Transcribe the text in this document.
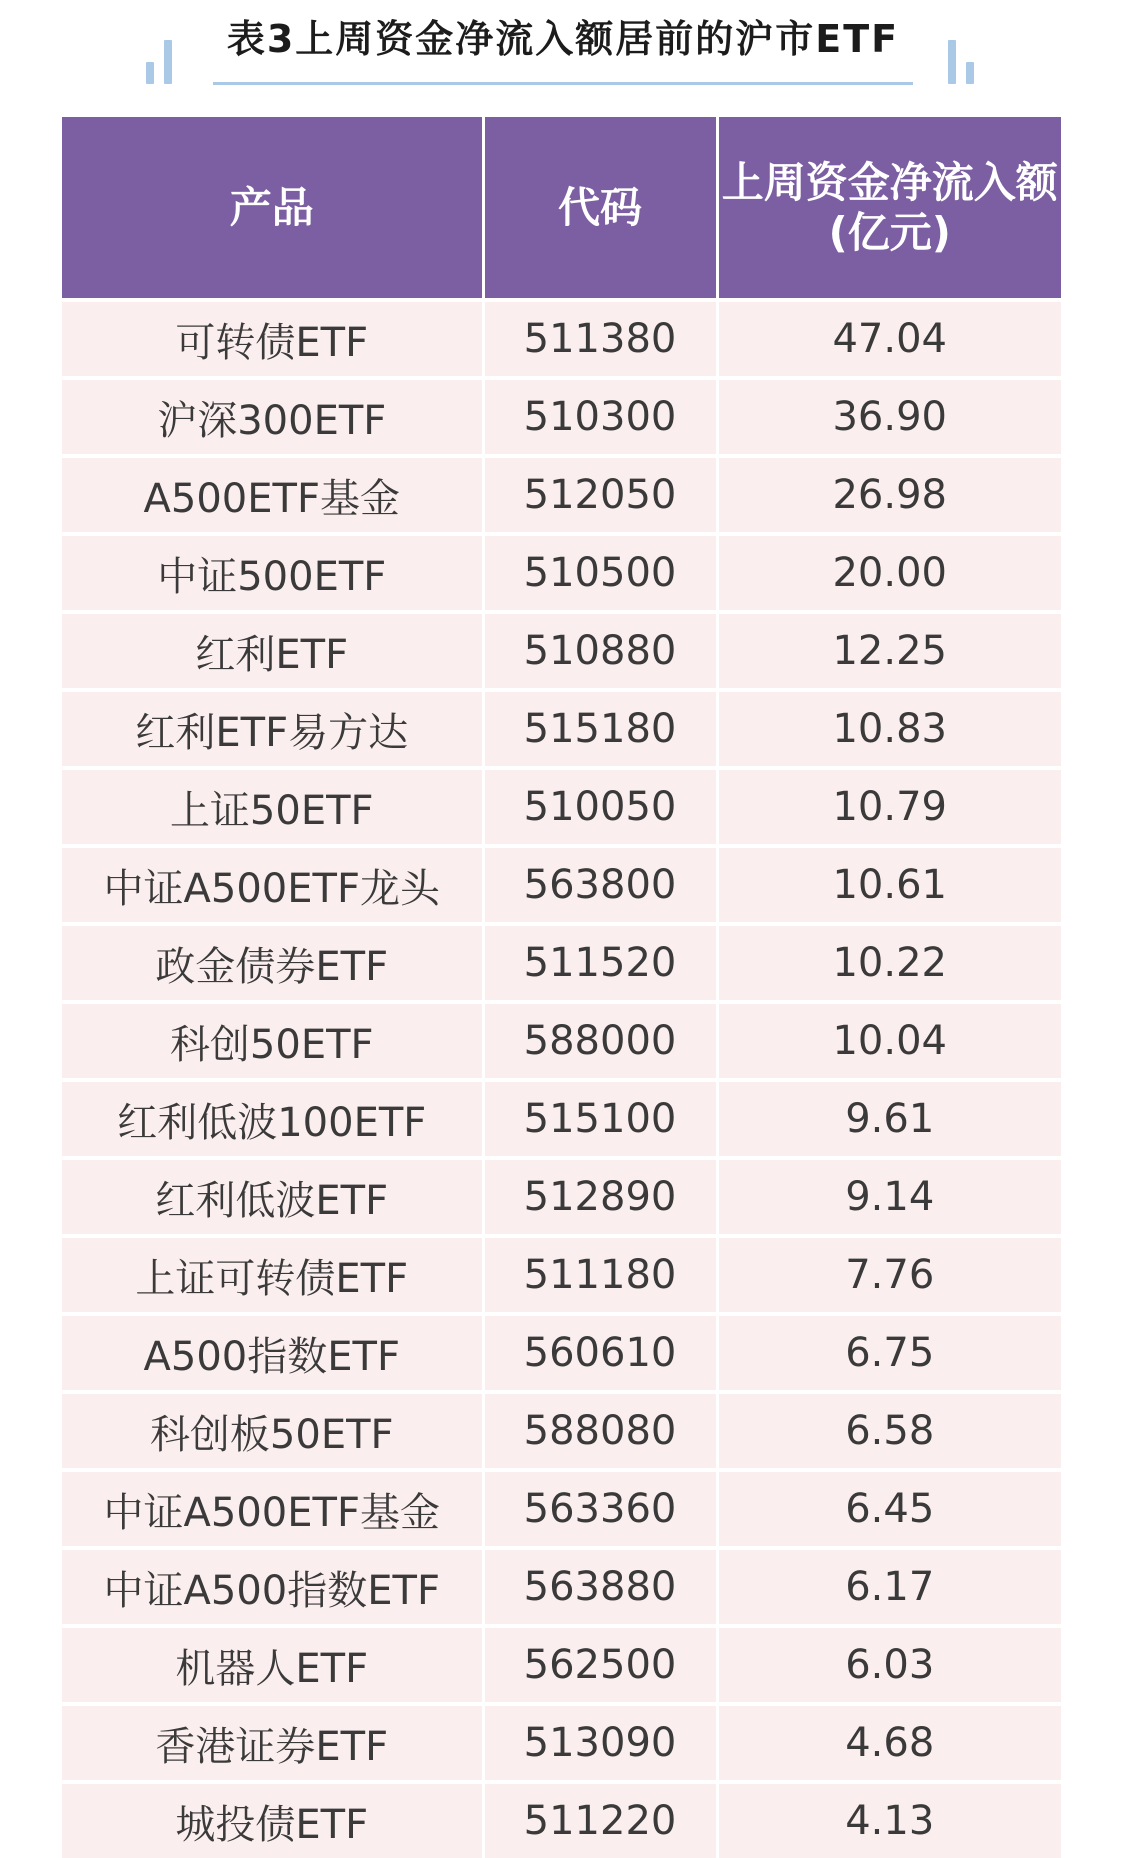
表3上周资金净流入额居前的沪市ETF
产品	代码	上周资金净流入额
(亿元)

可转债ETF	511380	47.04
沪深300ETF	510300	36.90
A500ETF基金	512050	26.98
中证500ETF	510500	20.00
红利ETF	510880	12.25
红利ETF易方达	515180	10.83
上证50ETF	510050	10.79
中证A500ETF龙头	563800	10.61
政金债券ETF	511520	10.22
科创50ETF	588000	10.04
红利低波100ETF	515100	9.61
红利低波ETF	512890	9.14
上证可转债ETF	511180	7.76
A500指数ETF	560610	6.75
科创板50ETF	588080	6.58
中证A500ETF基金	563360	6.45
中证A500指数ETF	563880	6.17
机器人ETF	562500	6.03
香港证券ETF	513090	4.68
城投债ETF	511220	4.13
